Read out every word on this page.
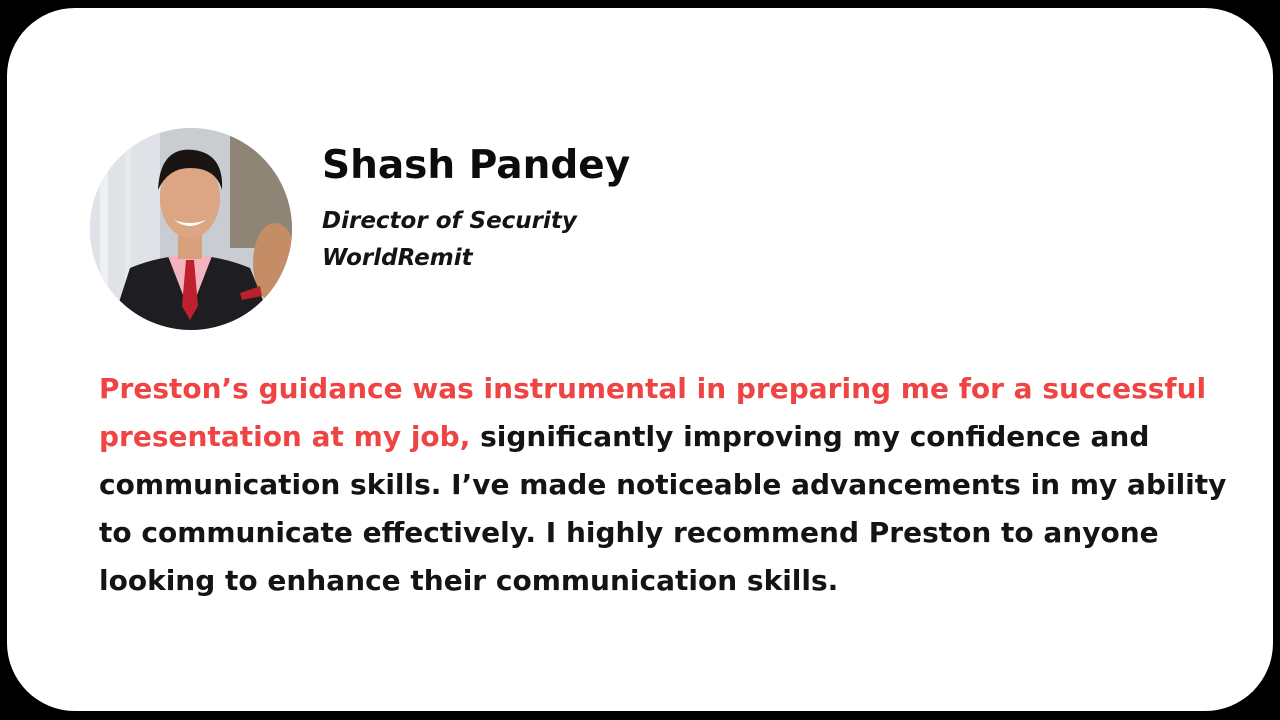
Shash Pandey

Director of Security

WorldRemit

Preston’s guidance was instrumental in preparing me for a successful presentation at my job, significantly improving my confidence and communication skills. I’ve made noticeable advancements in my ability to communicate effectively. I highly recommend Preston to anyone looking to enhance their communication skills.
